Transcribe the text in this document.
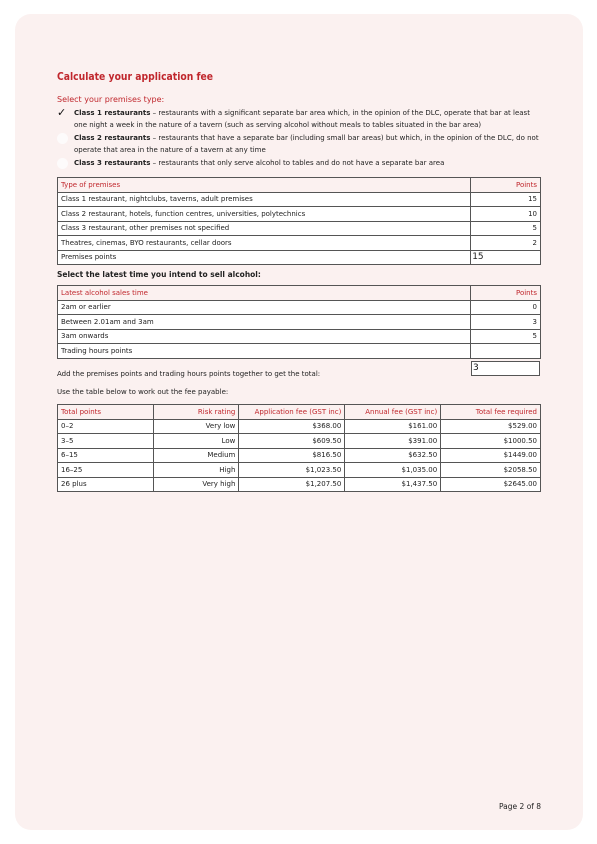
Calculate your application fee
Select your premises type:
✓ Class 1 restaurants – restaurants with a significant separate bar area which, in the opinion of the DLC, operate that bar at least one night a week in the nature of a tavern (such as serving alcohol without meals to tables situated in the bar area)
Class 2 restaurants – restaurants that have a separate bar (including small bar areas) but which, in the opinion of the DLC, do not operate that area in the nature of a tavern at any time
Class 3 restaurants – restaurants that only serve alcohol to tables and do not have a separate bar area
Type of premises	Points
Class 1 restaurant, nightclubs, taverns, adult premises	15
Class 2 restaurant, hotels, function centres, universities, polytechnics	10
Class 3 restaurant, other premises not specified	5
Theatres, cinemas, BYO restaurants, cellar doors	2
Premises points	15
Select the latest time you intend to sell alcohol:
Latest alcohol sales time	Points
2am or earlier	0
Between 2.01am and 3am	3
3am onwards	5
Trading hours points	
Add the premises points and trading hours points together to get the total:
3
Use the table below to work out the fee payable:
Total points	Risk rating	Application fee (GST inc)	Annual fee (GST inc)	Total fee required
0–2	Very low	$368.00	$161.00	$529.00
3–5	Low	$609.50	$391.00	$1000.50
6–15	Medium	$816.50	$632.50	$1449.00
16–25	High	$1,023.50	$1,035.00	$2058.50
26 plus	Very high	$1,207.50	$1,437.50	$2645.00
Page 2 of 8
